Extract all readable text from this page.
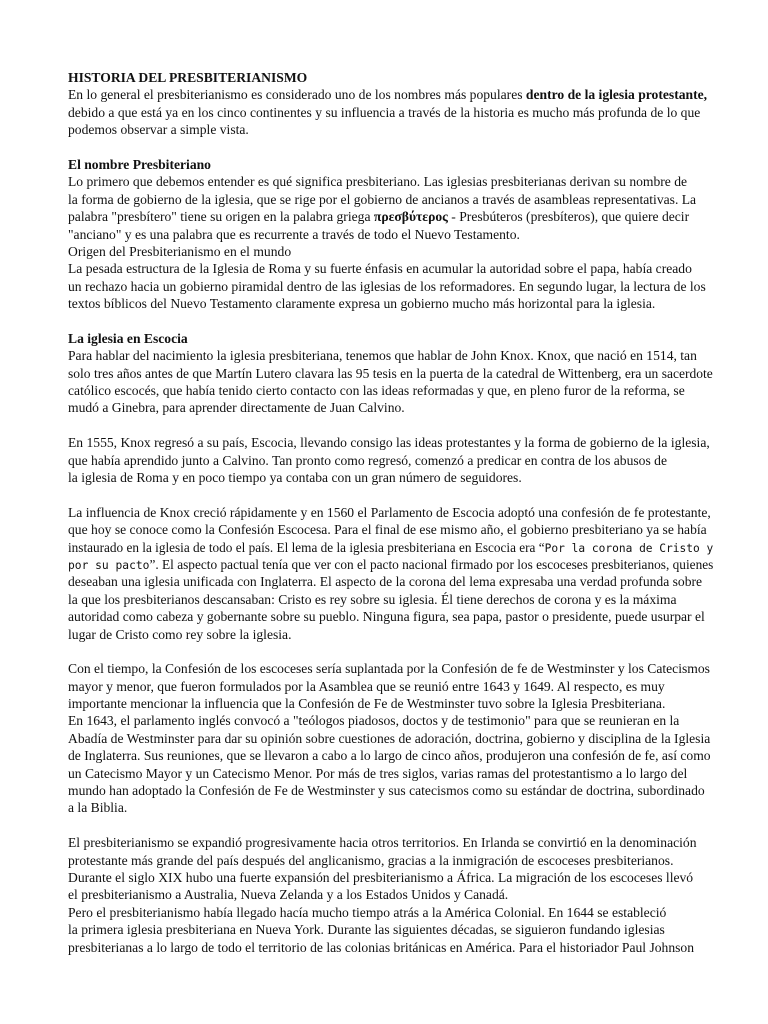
HISTORIA DEL PRESBITERIANISMO
En lo general el presbiterianismo es considerado uno de los nombres más populares dentro de la iglesia protestante,
debido a que está ya en los cinco continentes y su influencia a través de la historia es mucho más profunda de lo que
podemos observar a simple vista.
El nombre Presbiteriano
Lo primero que debemos entender es qué significa presbiteriano. Las iglesias presbiterianas derivan su nombre de
la forma de gobierno de la iglesia, que se rige por el gobierno de ancianos a través de asambleas representativas. La
palabra "presbítero" tiene su origen en la palabra griega πρεσβύτερος - Presbúteros (presbíteros), que quiere decir
"anciano" y es una palabra que es recurrente a través de todo el Nuevo Testamento.
Origen del Presbiterianismo en el mundo
La pesada estructura de la Iglesia de Roma y su fuerte énfasis en acumular la autoridad sobre el papa, había creado
un rechazo hacia un gobierno piramidal dentro de las iglesias de los reformadores. En segundo lugar, la lectura de los
textos bíblicos del Nuevo Testamento claramente expresa un gobierno mucho más horizontal para la iglesia.
La iglesia en Escocia
Para hablar del nacimiento la iglesia presbiteriana, tenemos que hablar de John Knox. Knox, que nació en 1514, tan
solo tres años antes de que Martín Lutero clavara las 95 tesis en la puerta de la catedral de Wittenberg, era un sacerdote
católico escocés, que había tenido cierto contacto con las ideas reformadas y que, en pleno furor de la reforma, se
mudó a Ginebra, para aprender directamente de Juan Calvino.
En 1555, Knox regresó a su país, Escocia, llevando consigo las ideas protestantes y la forma de gobierno de la iglesia,
que había aprendido junto a Calvino. Tan pronto como regresó, comenzó a predicar en contra de los abusos de
la iglesia de Roma y en poco tiempo ya contaba con un gran número de seguidores.
La influencia de Knox creció rápidamente y en 1560 el Parlamento de Escocia adoptó una confesión de fe protestante,
que hoy se conoce como la Confesión Escocesa. Para el final de ese mismo año, el gobierno presbiteriano ya se había
instaurado en la iglesia de todo el país. El lema de la iglesia presbiteriana en Escocia era “Por la corona de Cristo y
por su pacto”. El aspecto pactual tenía que ver con el pacto nacional firmado por los escoceses presbiterianos, quienes
deseaban una iglesia unificada con Inglaterra. El aspecto de la corona del lema expresaba una verdad profunda sobre
la que los presbiterianos descansaban: Cristo es rey sobre su iglesia. Él tiene derechos de corona y es la máxima
autoridad como cabeza y gobernante sobre su pueblo. Ninguna figura, sea papa, pastor o presidente, puede usurpar el
lugar de Cristo como rey sobre la iglesia.
Con el tiempo, la Confesión de los escoceses sería suplantada por la Confesión de fe de Westminster y los Catecismos
mayor y menor, que fueron formulados por la Asamblea que se reunió entre 1643 y 1649. Al respecto, es muy
importante mencionar la influencia que la Confesión de Fe de Westminster tuvo sobre la Iglesia Presbiteriana.
En 1643, el parlamento inglés convocó a "teólogos piadosos, doctos y de testimonio" para que se reunieran en la
Abadía de Westminster para dar su opinión sobre cuestiones de adoración, doctrina, gobierno y disciplina de la Iglesia
de Inglaterra. Sus reuniones, que se llevaron a cabo a lo largo de cinco años, produjeron una confesión de fe, así como
un Catecismo Mayor y un Catecismo Menor. Por más de tres siglos, varias ramas del protestantismo a lo largo del
mundo han adoptado la Confesión de Fe de Westminster y sus catecismos como su estándar de doctrina, subordinado
a la Biblia.
El presbiterianismo se expandió progresivamente hacia otros territorios. En Irlanda se convirtió en la denominación
protestante más grande del país después del anglicanismo, gracias a la inmigración de escoceses presbiterianos.
Durante el siglo XIX hubo una fuerte expansión del presbiterianismo a África. La migración de los escoceses llevó
el presbiterianismo a Australia, Nueva Zelanda y a los Estados Unidos y Canadá.
Pero el presbiterianismo había llegado hacía mucho tiempo atrás a la América Colonial. En 1644 se estableció
la primera iglesia presbiteriana en Nueva York. Durante las siguientes décadas, se siguieron fundando iglesias
presbiterianas a lo largo de todo el territorio de las colonias británicas en América. Para el historiador Paul Johnson
